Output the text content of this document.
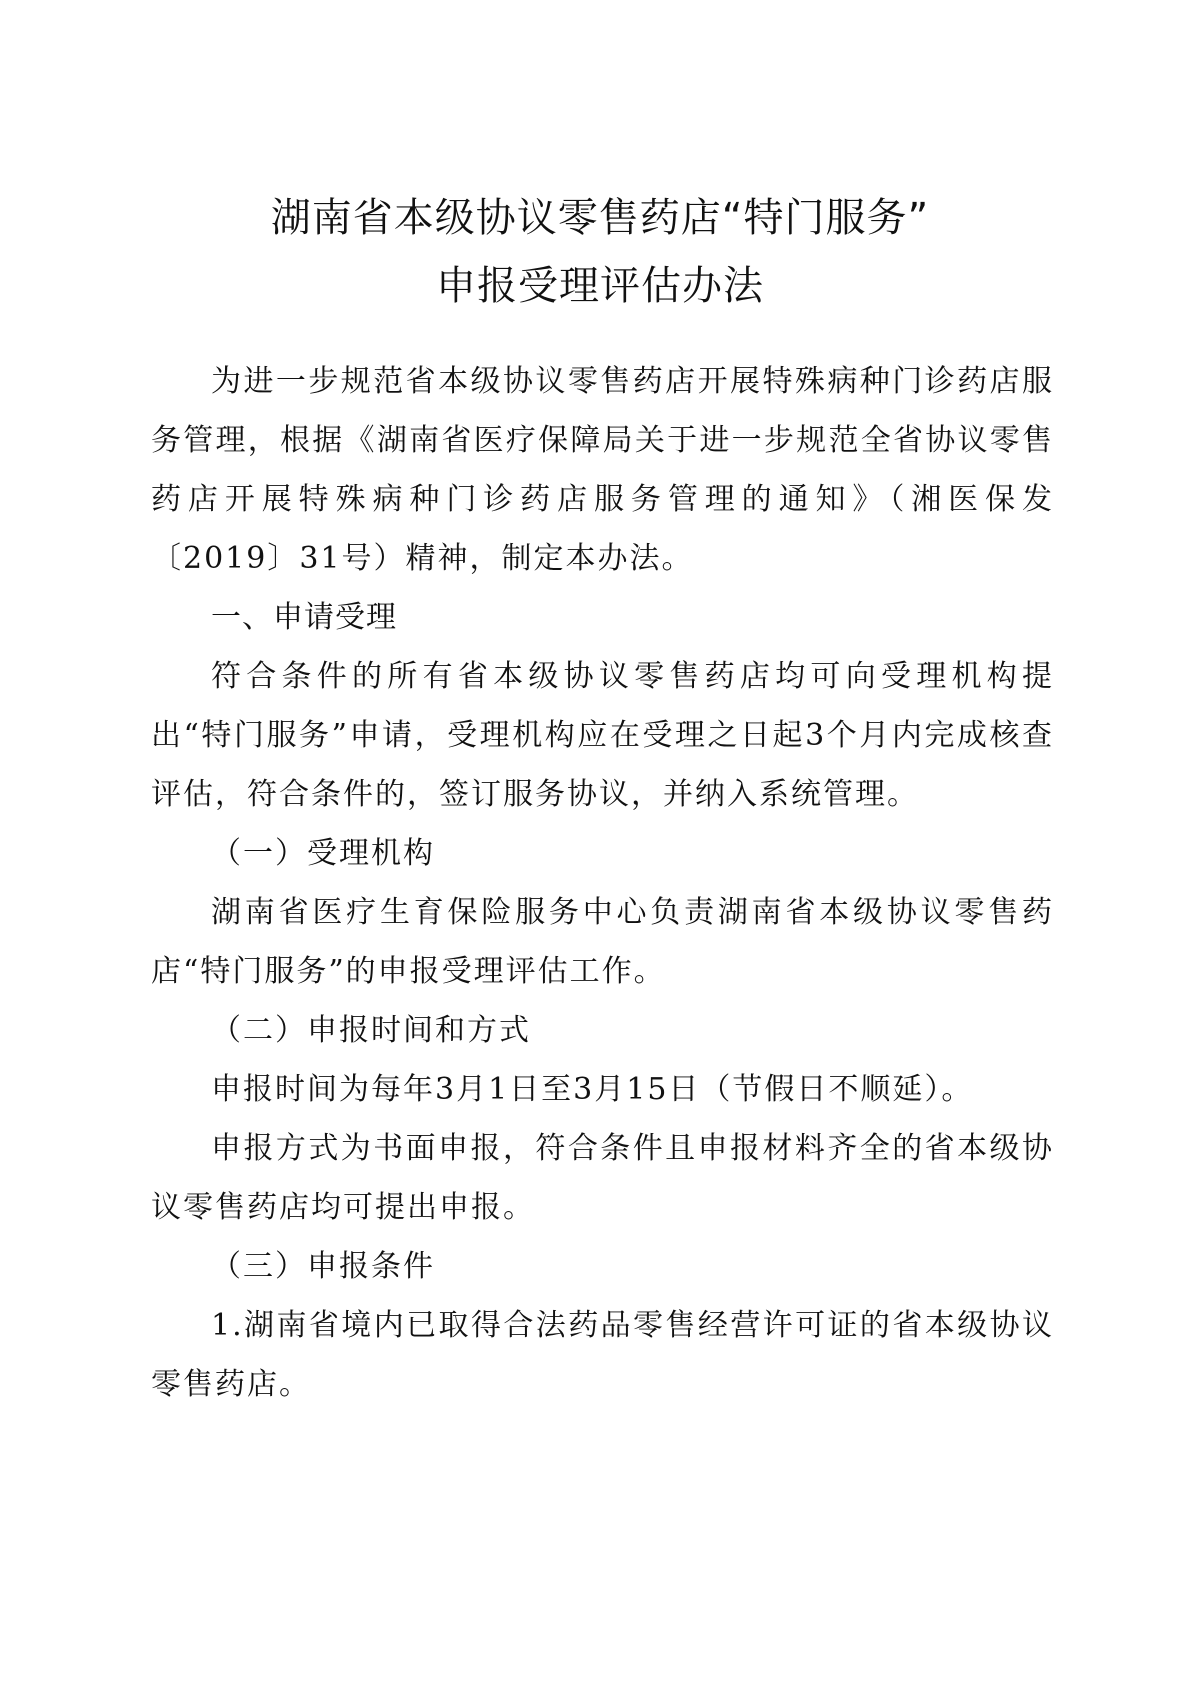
湖南省本级协议零售药店“特门服务”
申报受理评估办法

为进一步规范省本级协议零售药店开展特殊病种门诊药店服务管理，根据《湖南省医疗保障局关于进一步规范全省协议零售药店开展特殊病种门诊药店服务管理的通知》（湘医保发〔2019〕31号）精神，制定本办法。

一、申请受理

符合条件的所有省本级协议零售药店均可向受理机构提出“特门服务”申请，受理机构应在受理之日起3个月内完成核查评估，符合条件的，签订服务协议，并纳入系统管理。

（一）受理机构

湖南省医疗生育保险服务中心负责湖南省本级协议零售药店“特门服务”的申报受理评估工作。

（二）申报时间和方式

申报时间为每年3月1日至3月15日（节假日不顺延）。

申报方式为书面申报，符合条件且申报材料齐全的省本级协议零售药店均可提出申报。

（三）申报条件

1.湖南省境内已取得合法药品零售经营许可证的省本级协议零售药店。
